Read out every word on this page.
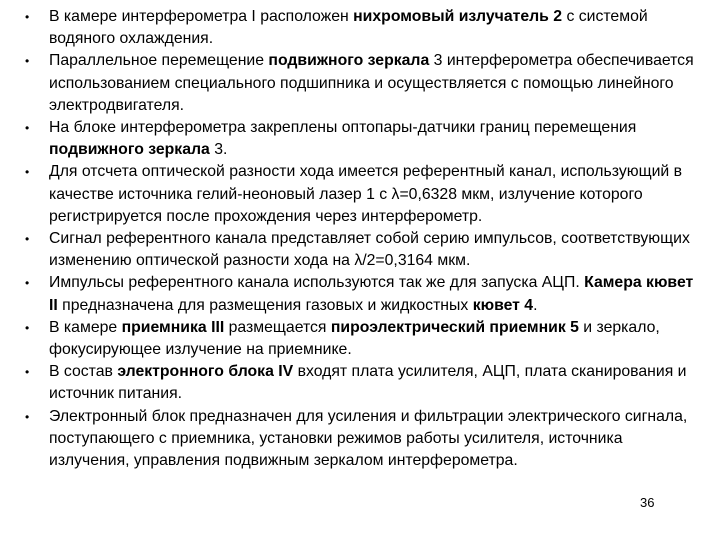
• В камере интерферометра I расположен нихромовый излучатель 2 с системой водяного охлаждения.
• Параллельное перемещение подвижного зеркала 3 интерферометра обеспечивается использованием специального подшипника и осуществляется с помощью линейного электродвигателя.
• На блоке интерферометра закреплены оптопары-датчики границ перемещения подвижного зеркала 3.
• Для отсчета оптической разности хода имеется референтный канал, использующий в качестве источника гелий-неоновый лазер 1 с λ=0,6328 мкм, излучение которого регистрируется после прохождения через интерферометр.
• Сигнал референтного канала представляет собой серию импульсов, соответствующих изменению оптической разности хода на λ/2=0,3164 мкм.
• Импульсы референтного канала используются так же для запуска АЦП. Камера кювет II предназначена для размещения газовых и жидкостных кювет 4.
• В камере приемника III размещается пироэлектрический приемник 5 и зеркало, фокусирующее излучение на приемнике.
• В состав электронного блока IV входят плата усилителя, АЦП, плата сканирования и источник питания.
• Электронный блок предназначен для усиления и фильтрации электрического сигнала, поступающего с приемника, установки режимов работы усилителя, источника излучения, управления подвижным зеркалом интерферометра.
36
